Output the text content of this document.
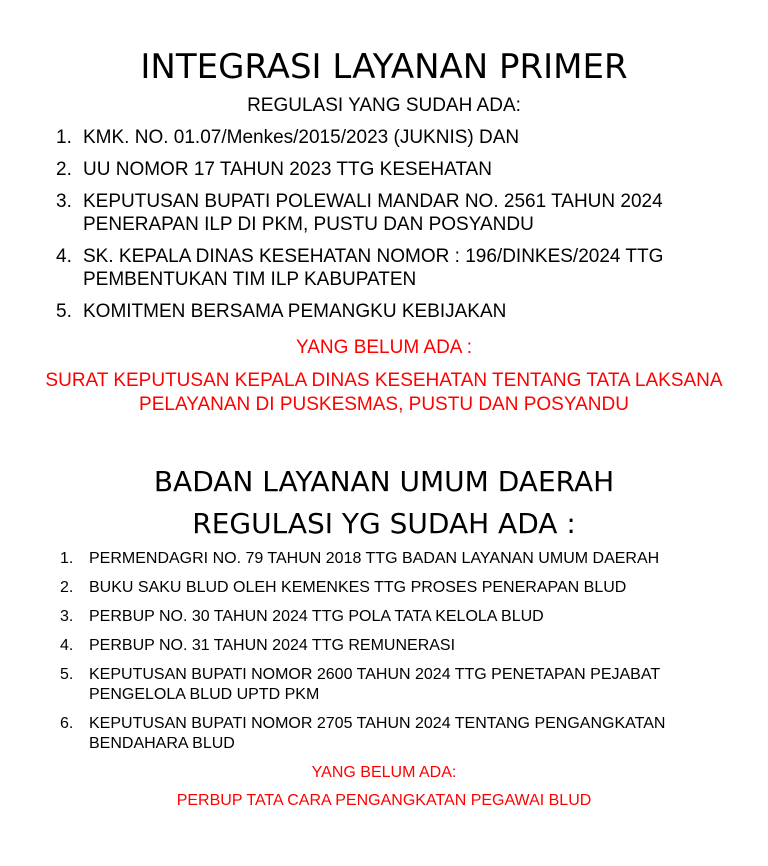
INTEGRASI LAYANAN PRIMER
REGULASI YANG SUDAH ADA:
1. KMK. NO. 01.07/Menkes/2015/2023 (JUKNIS) DAN
2. UU NOMOR 17 TAHUN 2023 TTG KESEHATAN
3. KEPUTUSAN BUPATI POLEWALI MANDAR NO. 2561 TAHUN 2024 PENERAPAN ILP DI PKM, PUSTU DAN POSYANDU
4. SK. KEPALA DINAS KESEHATAN NOMOR : 196/DINKES/2024 TTG PEMBENTUKAN TIM ILP KABUPATEN
5. KOMITMEN BERSAMA PEMANGKU KEBIJAKAN
YANG BELUM ADA :
SURAT KEPUTUSAN KEPALA DINAS KESEHATAN TENTANG TATA LAKSANA
PELAYANAN DI PUSKESMAS, PUSTU DAN POSYANDU
BADAN LAYANAN UMUM DAERAH
REGULASI YG SUDAH ADA :
1. PERMENDAGRI NO. 79 TAHUN 2018 TTG BADAN LAYANAN UMUM DAERAH
2. BUKU SAKU BLUD OLEH KEMENKES TTG PROSES PENERAPAN BLUD
3. PERBUP NO. 30 TAHUN 2024 TTG POLA TATA KELOLA BLUD
4. PERBUP NO. 31 TAHUN 2024 TTG REMUNERASI
5. KEPUTUSAN BUPATI NOMOR 2600 TAHUN 2024 TTG PENETAPAN PEJABAT PENGELOLA BLUD UPTD PKM
6. KEPUTUSAN BUPATI NOMOR 2705 TAHUN 2024 TENTANG PENGANGKATAN BENDAHARA BLUD
YANG BELUM ADA:
PERBUP TATA CARA PENGANGKATAN PEGAWAI BLUD
